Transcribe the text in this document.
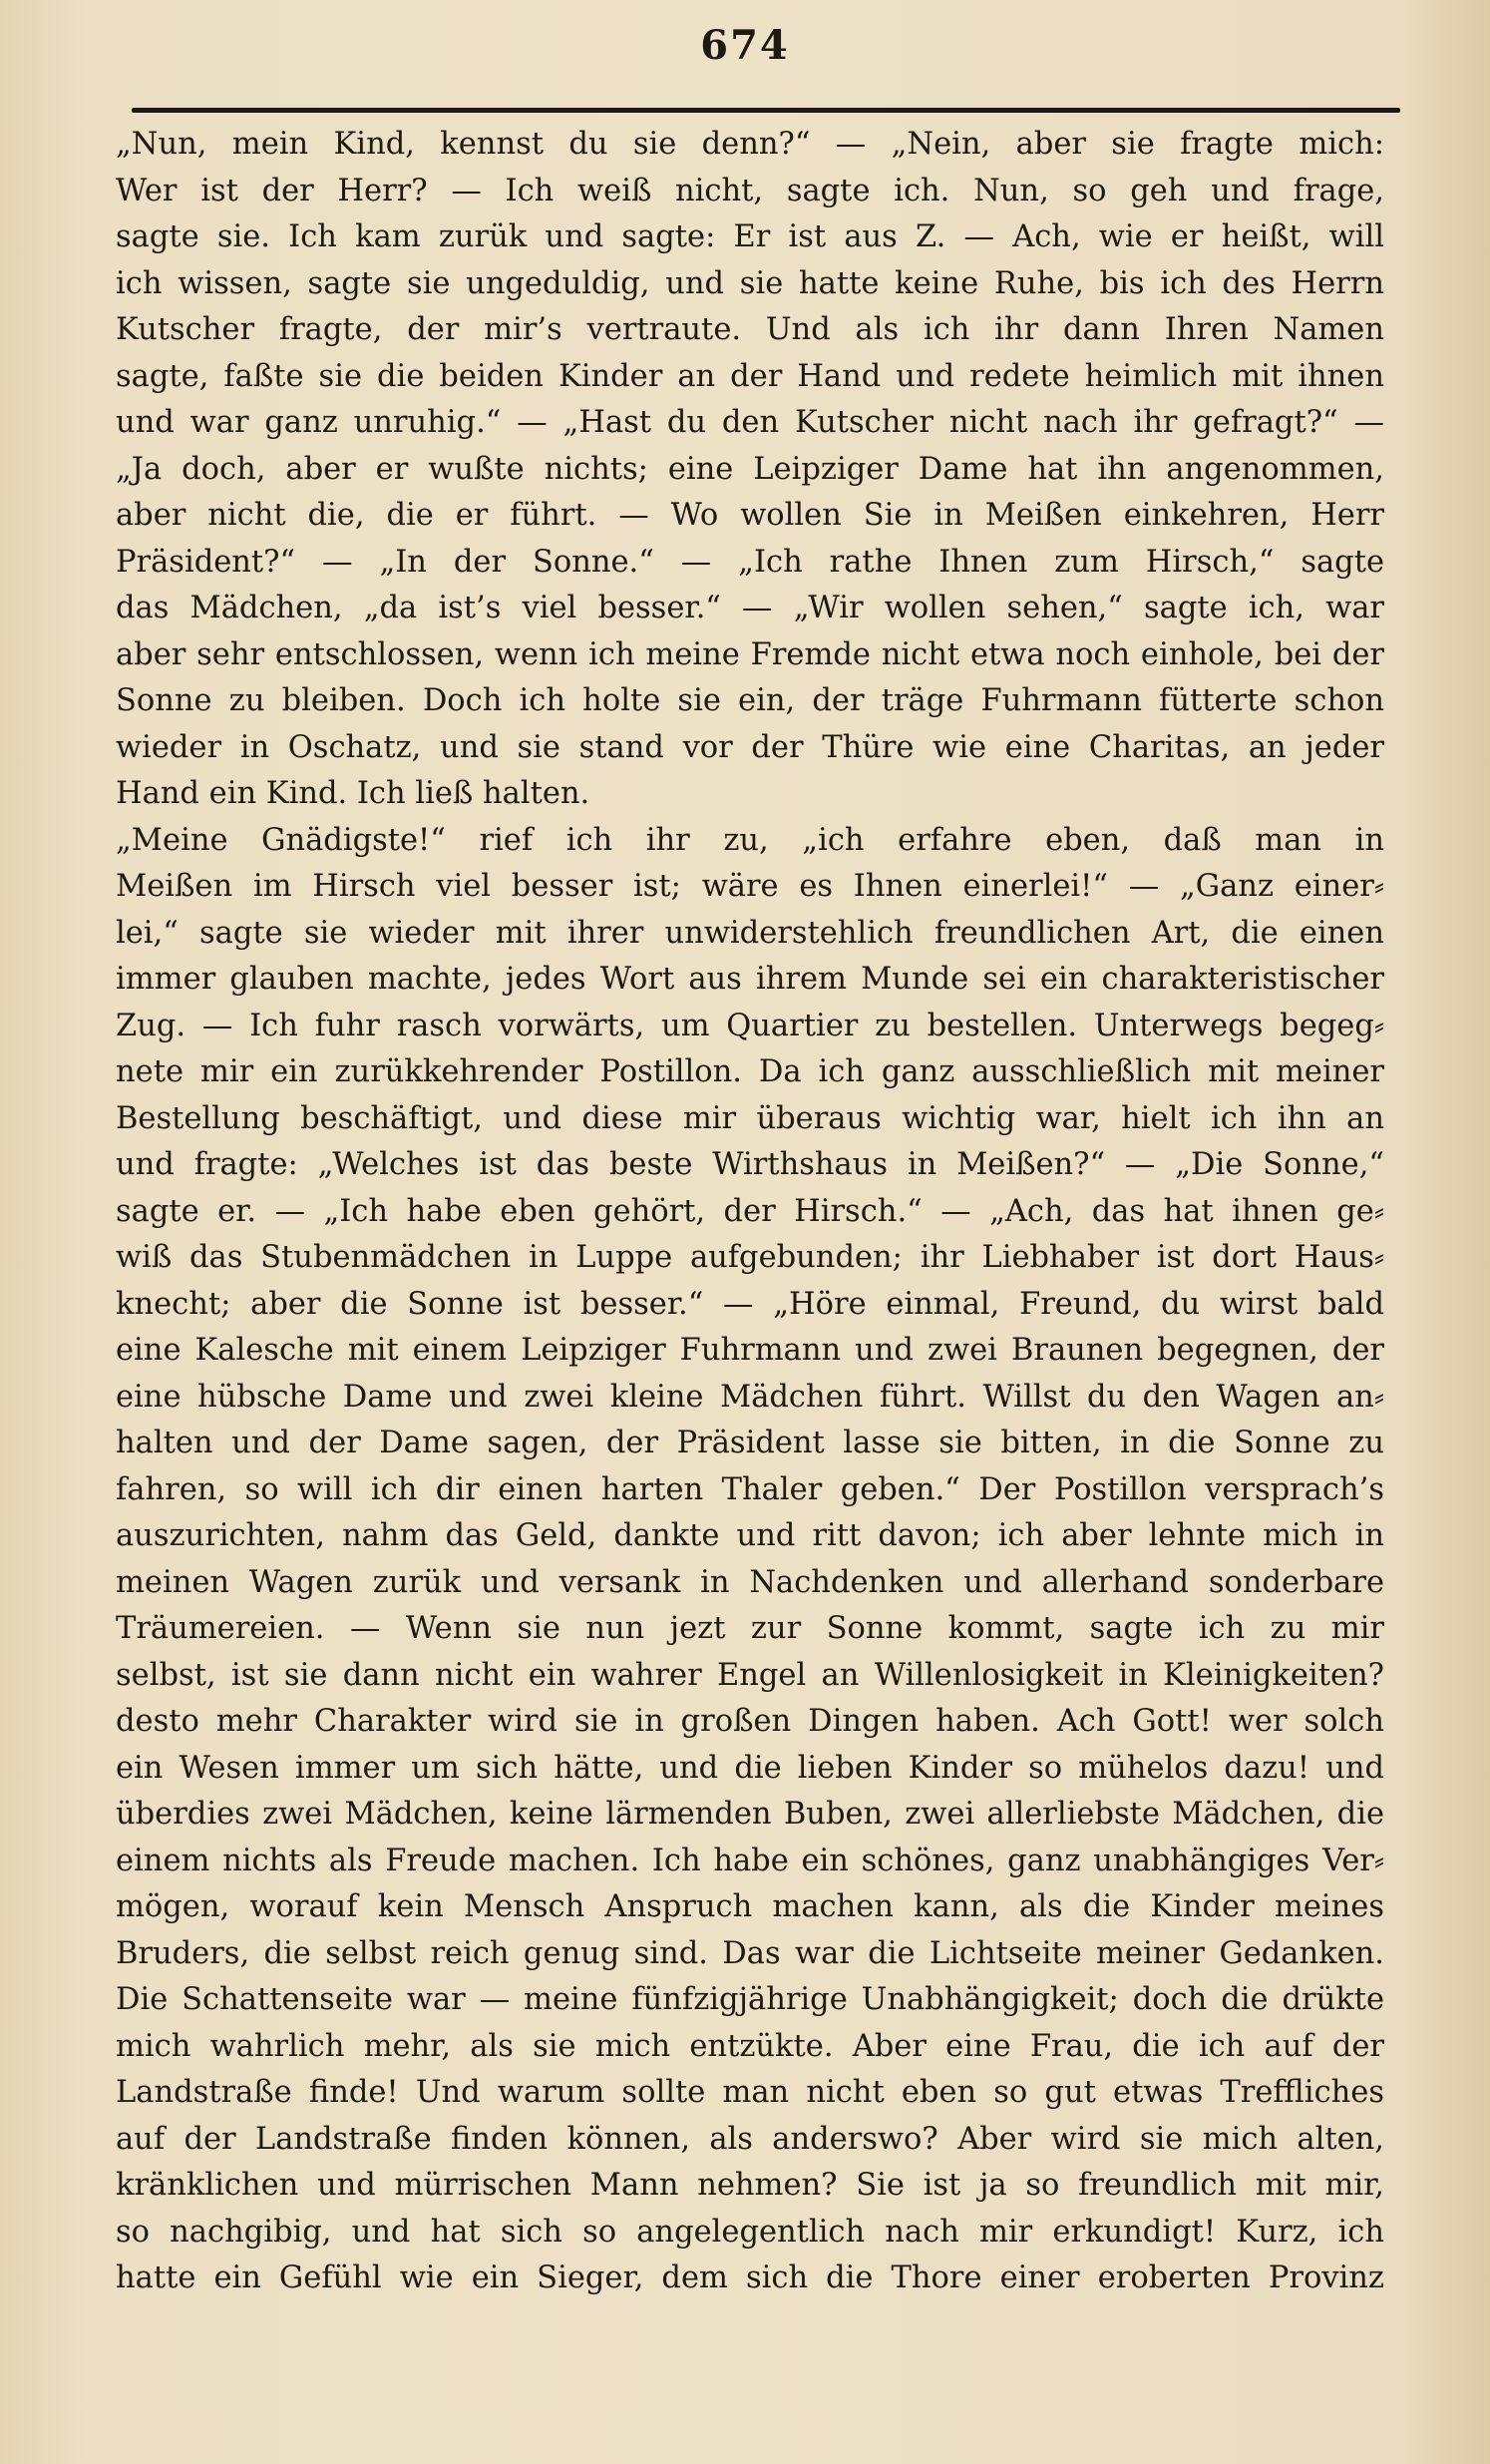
674
„Nun, mein Kind, kennst du sie denn?“ — „Nein, aber sie fragte mich:
Wer ist der Herr? — Ich weiß nicht, sagte ich. Nun, so geh und frage,
sagte sie. Ich kam zurük und sagte: Er ist aus Z. — Ach, wie er heißt, will
ich wissen, sagte sie ungeduldig, und sie hatte keine Ruhe, bis ich des Herrn
Kutscher fragte, der mir’s vertraute. Und als ich ihr dann Ihren Namen
sagte, faßte sie die beiden Kinder an der Hand und redete heimlich mit ihnen
und war ganz unruhig.“ — „Hast du den Kutscher nicht nach ihr gefragt?“ —
„Ja doch, aber er wußte nichts; eine Leipziger Dame hat ihn angenommen,
aber nicht die, die er führt. — Wo wollen Sie in Meißen einkehren, Herr
Präsident?“ — „In der Sonne.“ — „Ich rathe Ihnen zum Hirsch,“ sagte
das Mädchen, „da ist’s viel besser.“ — „Wir wollen sehen,“ sagte ich, war
aber sehr entschlossen, wenn ich meine Fremde nicht etwa noch einhole, bei der
Sonne zu bleiben. Doch ich holte sie ein, der träge Fuhrmann fütterte schon
wieder in Oschatz, und sie stand vor der Thüre wie eine Charitas, an jeder
Hand ein Kind. Ich ließ halten.
„Meine Gnädigste!“ rief ich ihr zu, „ich erfahre eben, daß man in
Meißen im Hirsch viel besser ist; wäre es Ihnen einerlei!“ — „Ganz einer⸗
lei,“ sagte sie wieder mit ihrer unwiderstehlich freundlichen Art, die einen
immer glauben machte, jedes Wort aus ihrem Munde sei ein charakteristischer
Zug. — Ich fuhr rasch vorwärts, um Quartier zu bestellen. Unterwegs begeg⸗
nete mir ein zurükkehrender Postillon. Da ich ganz ausschließlich mit meiner
Bestellung beschäftigt, und diese mir überaus wichtig war, hielt ich ihn an
und fragte: „Welches ist das beste Wirthshaus in Meißen?“ — „Die Sonne,“
sagte er. — „Ich habe eben gehört, der Hirsch.“ — „Ach, das hat ihnen ge⸗
wiß das Stubenmädchen in Luppe aufgebunden; ihr Liebhaber ist dort Haus⸗
knecht; aber die Sonne ist besser.“ — „Höre einmal, Freund, du wirst bald
eine Kalesche mit einem Leipziger Fuhrmann und zwei Braunen begegnen, der
eine hübsche Dame und zwei kleine Mädchen führt. Willst du den Wagen an⸗
halten und der Dame sagen, der Präsident lasse sie bitten, in die Sonne zu
fahren, so will ich dir einen harten Thaler geben.“ Der Postillon versprach’s
auszurichten, nahm das Geld, dankte und ritt davon; ich aber lehnte mich in
meinen Wagen zurük und versank in Nachdenken und allerhand sonderbare
Träumereien. — Wenn sie nun jezt zur Sonne kommt, sagte ich zu mir
selbst, ist sie dann nicht ein wahrer Engel an Willenlosigkeit in Kleinigkeiten?
desto mehr Charakter wird sie in großen Dingen haben. Ach Gott! wer solch
ein Wesen immer um sich hätte, und die lieben Kinder so mühelos dazu! und
überdies zwei Mädchen, keine lärmenden Buben, zwei allerliebste Mädchen, die
einem nichts als Freude machen. Ich habe ein schönes, ganz unabhängiges Ver⸗
mögen, worauf kein Mensch Anspruch machen kann, als die Kinder meines
Bruders, die selbst reich genug sind. Das war die Lichtseite meiner Gedanken.
Die Schattenseite war — meine fünfzigjährige Unabhängigkeit; doch die drükte
mich wahrlich mehr, als sie mich entzükte. Aber eine Frau, die ich auf der
Landstraße finde! Und warum sollte man nicht eben so gut etwas Treffliches
auf der Landstraße finden können, als anderswo? Aber wird sie mich alten,
kränklichen und mürrischen Mann nehmen? Sie ist ja so freundlich mit mir,
so nachgibig, und hat sich so angelegentlich nach mir erkundigt! Kurz, ich
hatte ein Gefühl wie ein Sieger, dem sich die Thore einer eroberten Provinz
